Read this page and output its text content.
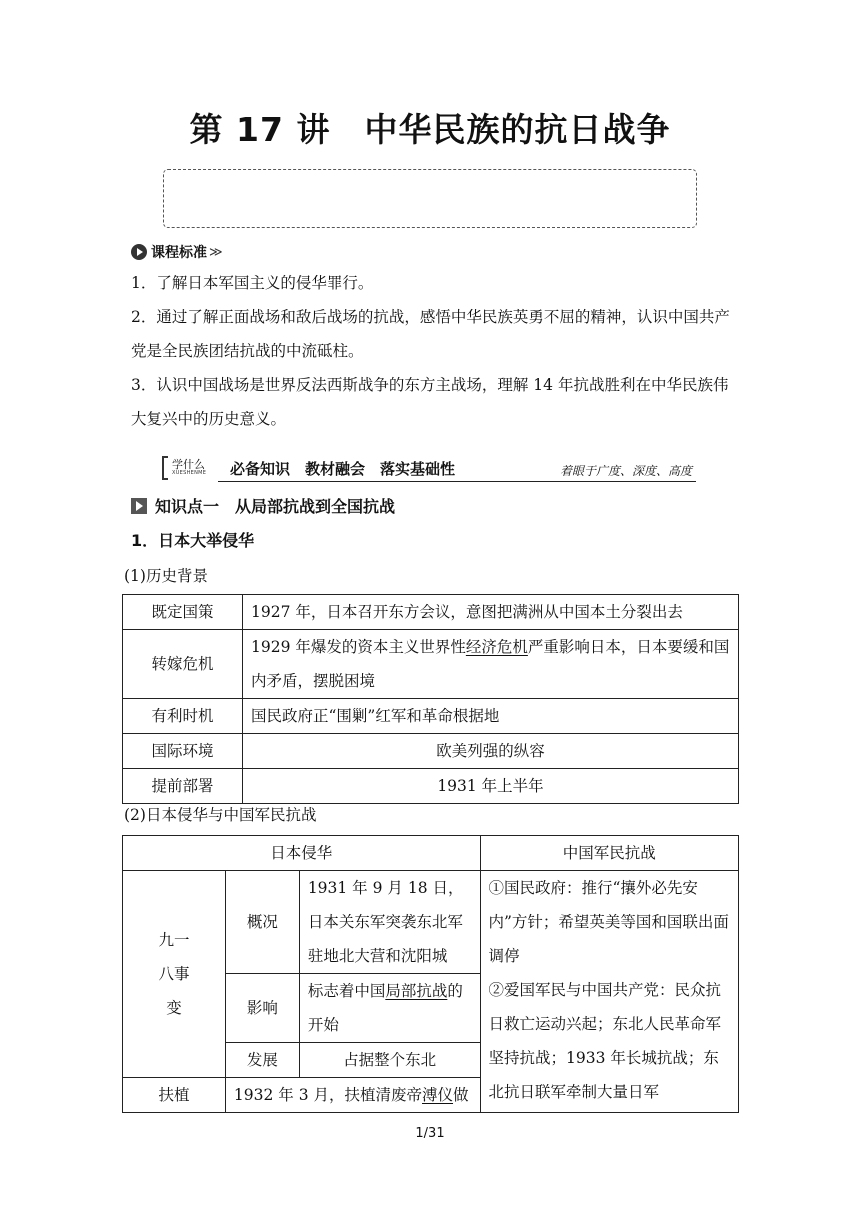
第 17 讲　中华民族的抗日战争
课程标准 ≫
1．了解日本军国主义的侵华罪行。
2．通过了解正面战场和敌后战场的抗战，感悟中华民族英勇不屈的精神，认识中国共产党是全民族团结抗战的中流砥柱。
3．认识中国战场是世界反法西斯战争的东方主战场，理解 14 年抗战胜利在中华民族伟大复兴中的历史意义。
学什么
XUESHENME 必备知识　教材融会　落实基础性	着眼于广度、深度、高度
知识点一 从局部抗战到全国抗战
1．日本大举侵华
(1)历史背景
既定国策	1927 年，日本召开东方会议，意图把满洲从中国本土分裂出去
转嫁危机	1929 年爆发的资本主义世界性经济危机严重影响日本，日本要缓和国内矛盾，摆脱困境
有利时机	国民政府正“围剿”红军和革命根据地
国际环境	欧美列强的纵容
提前部署	1931 年上半年
(2)日本侵华与中国军民抗战
日本侵华			中国军民抗战
九一八事变	概况	1931 年 9 月 18 日，日本关东军突袭东北军驻地北大营和沈阳城	①国民政府：推行“攘外必先安内”方针；希望英美等国和国联出面调停
②爱国军民与中国共产党：民众抗日救亡运动兴起；东北人民革命军坚持抗战；1933 年长城抗战；东北抗日联军牵制大量日军
	影响	标志着中国局部抗战的开始	
	发展	占据整个东北	
扶植	1932 年 3 月，扶植清废帝溥仪做		
1/31
